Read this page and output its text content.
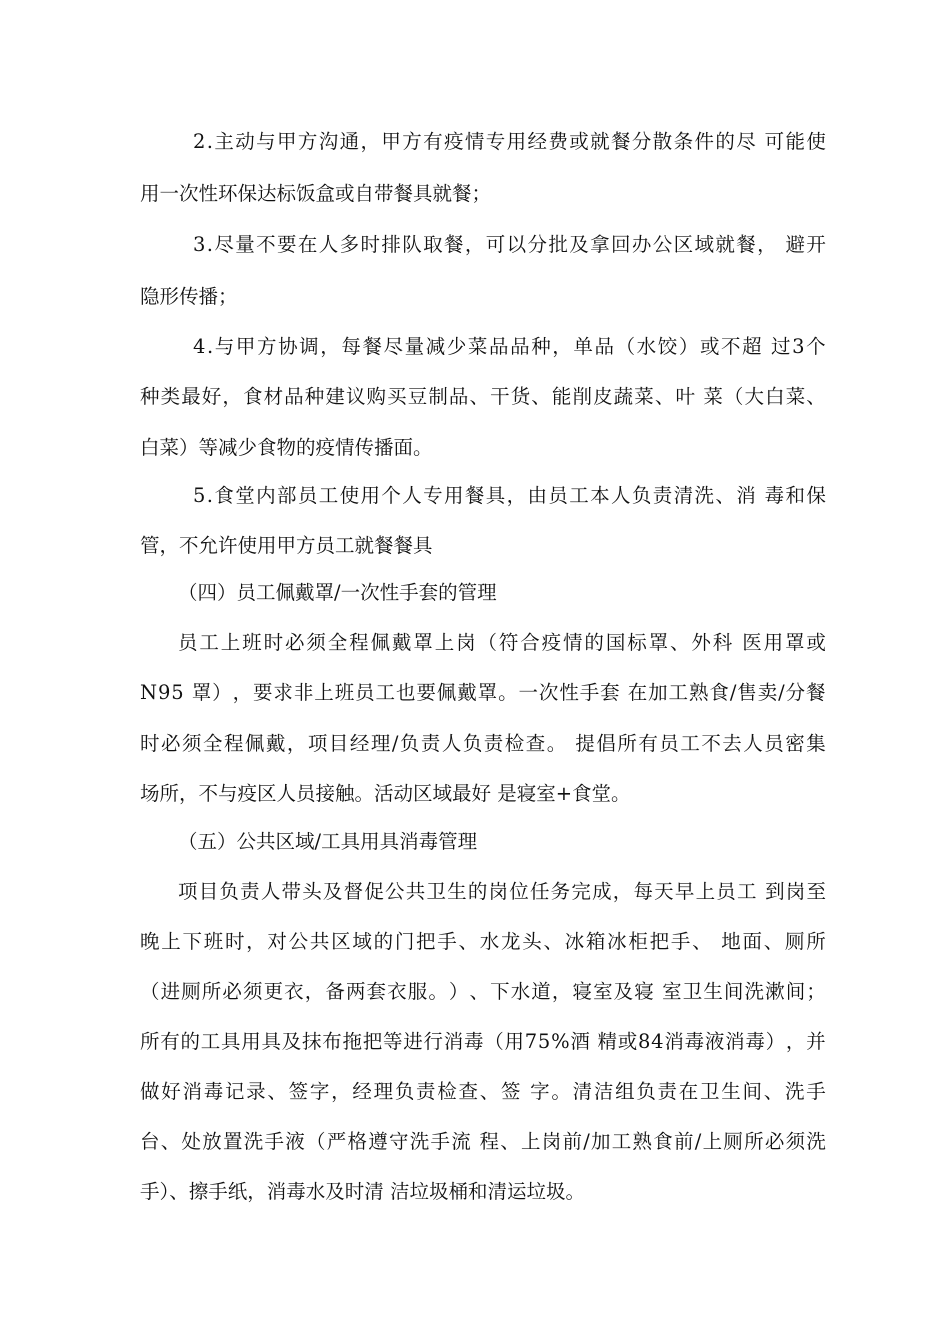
2 . 主 动 与 甲 方 沟 通 ， 甲 方 有 疫 情 专 用 经 费 或 就 餐 分 散 条 件 的 尽
可 能 使
用一次性环保达标饭盒或自带餐具就餐；
3 . 尽 量 不 要 在 人 多 时 排 队 取 餐 ， 可 以 分 批 及 拿 回 办 公 区 域 就 餐 ，
避 开
隐形传播；
4 . 与 甲 方 协 调 ， 每 餐 尽 量 减 少 菜 品 品 种 ， 单 品 （ 水 饺 ） 或 不 超
过 3 个
种 类 最 好 ， 食 材 品 种 建 议 购 买 豆 制 品 、 干 货 、 能 削 皮 蔬 菜 、 叶
菜 （ 大 白 菜 、
白菜）等减少食物的疫情传播面。
5 . 食 堂 内 部 员 工 使 用 个 人 专 用 餐 具 ， 由 员 工 本 人 负 责 清 洗 、 消
毒 和 保
管，不允许使用甲方员工就餐餐具
（四）员工佩戴罩/一次性手套的管理
员 工 上 班 时 必 须 全 程 佩 戴 罩 上 岗 （ 符 合 疫 情 的 国 标 罩 、 外 科
医 用 罩 或
N 9 5
罩 ） ， 要 求 非 上 班 员 工 也 要 佩 戴 罩 。 一 次 性 手 套
在 加 工 熟 食 / 售 卖 / 分 餐
时 必 须 全 程 佩 戴 ， 项 目 经 理 / 负 责 人 负 责 检 查 。
提 倡 所 有 员 工 不 去 人 员 密 集
场所，不与疫区人员接触。活动区域最好 是寝室+食堂。
（五）公共区域/工具用具消毒管理
项 目 负 责 人 带 头 及 督 促 公 共 卫 生 的 岗 位 任 务 完 成 ， 每 天 早 上 员 工
到 岗 至
晚 上 下 班 时 ， 对 公 共 区 域 的 门 把 手 、 水 龙 头 、 冰 箱 冰 柜 把 手 、
地 面 、 厕 所
（ 进 厕 所 必 须 更 衣 ， 备 两 套 衣 服 。 ） 、 下 水 道 ， 寝 室 及 寝
室 卫 生 间 洗 漱 间 ；
所 有 的 工 具 用 具 及 抹 布 拖 把 等 进 行 消 毒 （ 用 7 5 % 酒
精 或 8 4 消 毒 液 消 毒 ） ， 并
做 好 消 毒 记 录 、 签 字 ， 经 理 负 责 检 查 、 签
字 。 清 洁 组 负 责 在 卫 生 间 、 洗 手
台 、 处 放 置 洗 手 液 （ 严 格 遵 守 洗 手 流
程 、 上 岗 前 / 加 工 熟 食 前 / 上 厕 所 必 须 洗
手）、擦手纸，消毒水及时清 洁垃圾桶和清运垃圾。
